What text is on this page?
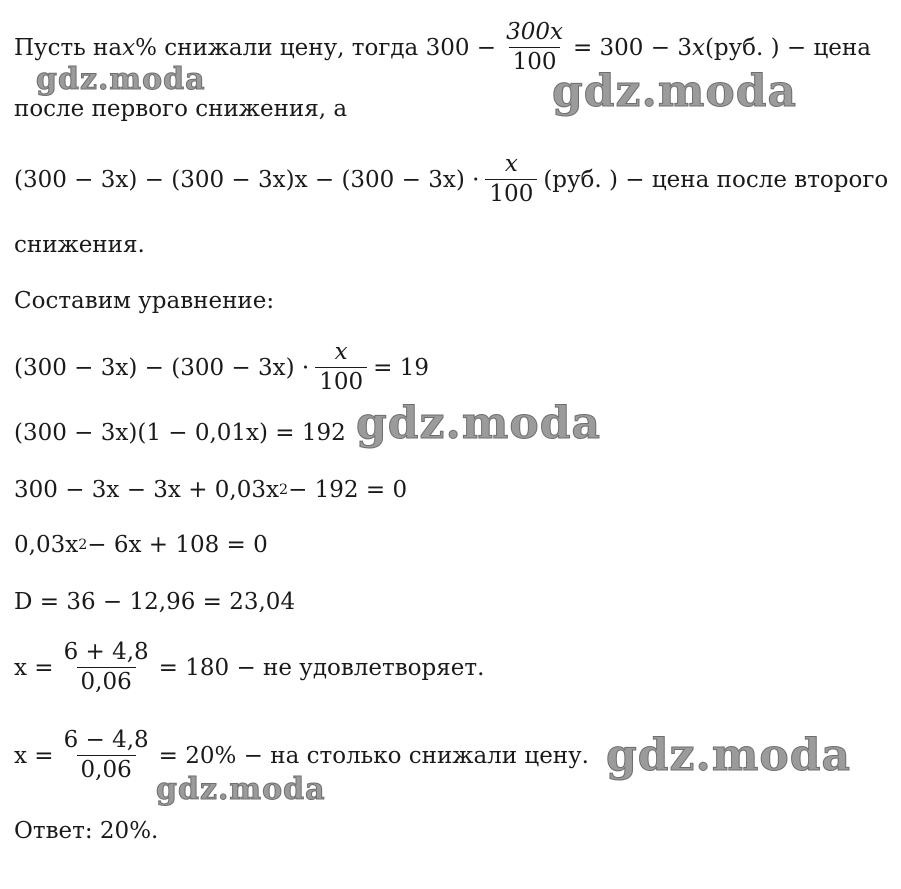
Пусть на x % снижали цену, тогда $300 - \frac{300x}{100} = 300 - 3$ x (руб. ) − цена
после первого снижения, а
$(300 - 3x) - (300 - 3x)x - (300 - 3x) \cdot \frac{x}{100} (руб$. ) − цена после второго
снижения.
Составим уравнение:
$(300 - 3x) - (300 - 3x) \cdot \frac{x}{100} = 19$
(300 − 3x)(1 − 0,01x) = 192
300 − 3x − 3x + 0,03x 2 − 192 = 0
0,03x 2 − 6x + 108 = 0
D = 36 − 12,96 = 23,04
$x = \frac{6 + 4,8}{0,06} = 180$ − не удовлетворяет.
$x = \frac{6 - 4,8}{0,06} = 20\%$ − на столько снижали цену.
Ответ: 20%.
gdz.moda	gdz.moda
gdz.moda
gdz.moda
gdz.moda
